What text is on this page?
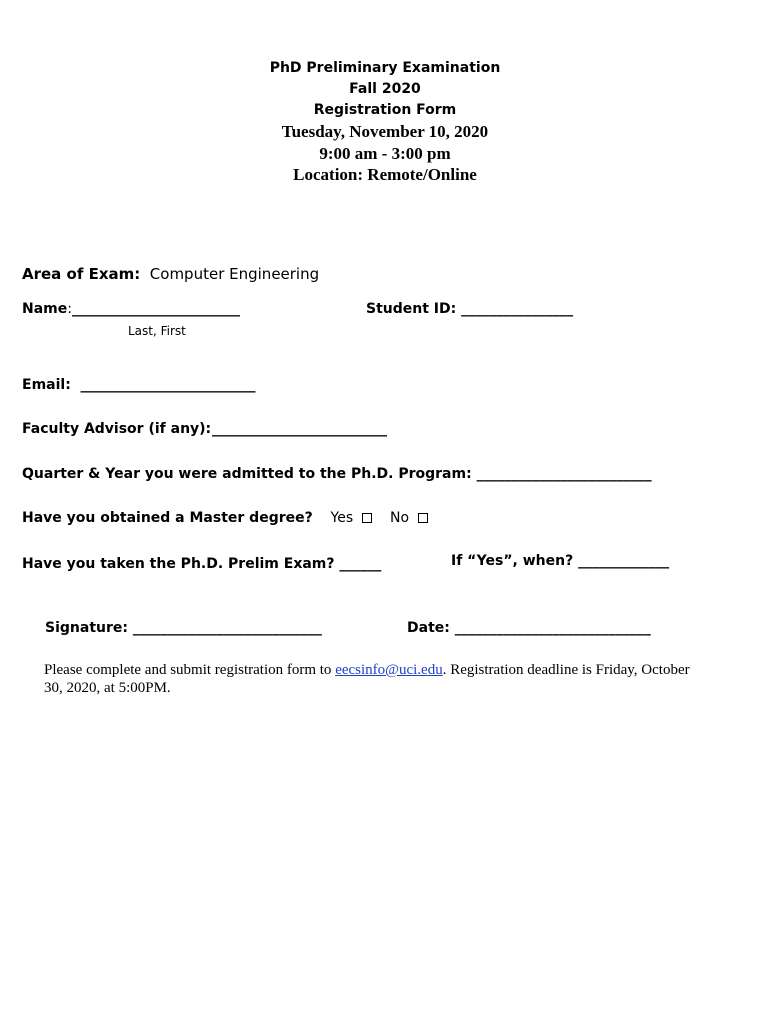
PhD Preliminary Examination
Fall 2020
Registration Form
Tuesday, November 10, 2020
9:00 am - 3:00 pm
Location: Remote/Online
Area of Exam: Computer Engineering
Name:________________________
Last, First
Student ID: ________________
Email: _________________________
Faculty Advisor (if any): _________________________
Quarter & Year you were admitted to the Ph.D. Program: _________________________
Have you obtained a Master degree? Yes	No
Have you taken the Ph.D. Prelim Exam? ______	If “Yes”, when? _____________
Signature: ___________________________	Date: ____________________________
Please complete and submit registration form to eecsinfo@uci.edu. Registration deadline is Friday, October 30, 2020, at 5:00PM.
